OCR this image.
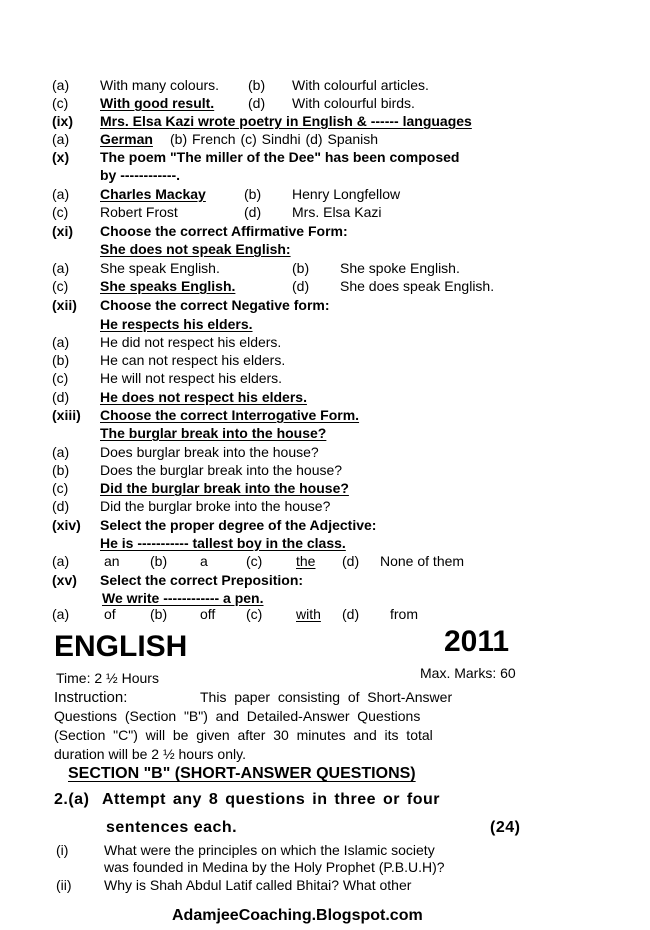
(a) With many colours. (b) With colourful articles.
(c) With good result. (d) With colourful birds.
(ix) Mrs. Elsa Kazi wrote poetry in English & ------ languages
(a) German (b) French (c) Sindhi (d) Spanish
(x) The poem "The miller of the Dee" has been composed
by ------------.
(a) Charles Mackay	(b) Henry Longfellow
(c) Robert Frost	(d) Mrs. Elsa Kazi
(xi) Choose the correct Affirmative Form:
She does not speak English:
(a) She speak English.	(b) She spoke English.
(c) She speaks English.	(d) She does speak English.
(xii) Choose the correct Negative form:
He respects his elders.
(a) He did not respect his elders.
(b) He can not respect his elders.
(c) He will not respect his elders.
(d) He does not respect his elders.
(xiii) Choose the correct Interrogative Form.
The burglar break into the house?
(a) Does burglar break into the house?
(b) Does the burglar break into the house?
(c) Did the burglar break into the house?
(d) Did the burglar broke into the house?
(xiv) Select the proper degree of the Adjective:
He is ----------- tallest boy in the class.
(a) an (b) a	(c) the (d) None of them
(xv) Select the correct Preposition:
We write ------------ a pen.
(a) of (b) off (c) with (d) from
ENGLISH	2011
Time: 2 ½ Hours	Max. Marks: 60
Instruction:	This  paper  consisting  of  Short-Answer
Questions  (Section  "B")  and  Detailed-Answer  Questions
(Section  "C")  will  be  given  after  30  minutes  and  its  total
duration will be 2 ½ hours only.
SECTION "B" (SHORT-ANSWER QUESTIONS)
2.(a) Attempt any 8 questions in three or four
sentences each.	(24)
(i)	What were the principles on which the Islamic society
was founded in Medina by the Holy Prophet (P.B.U.H)?
(ii) Why is Shah Abdul Latif called Bhitai? What other
AdamjeeCoaching.Blogspot.com
